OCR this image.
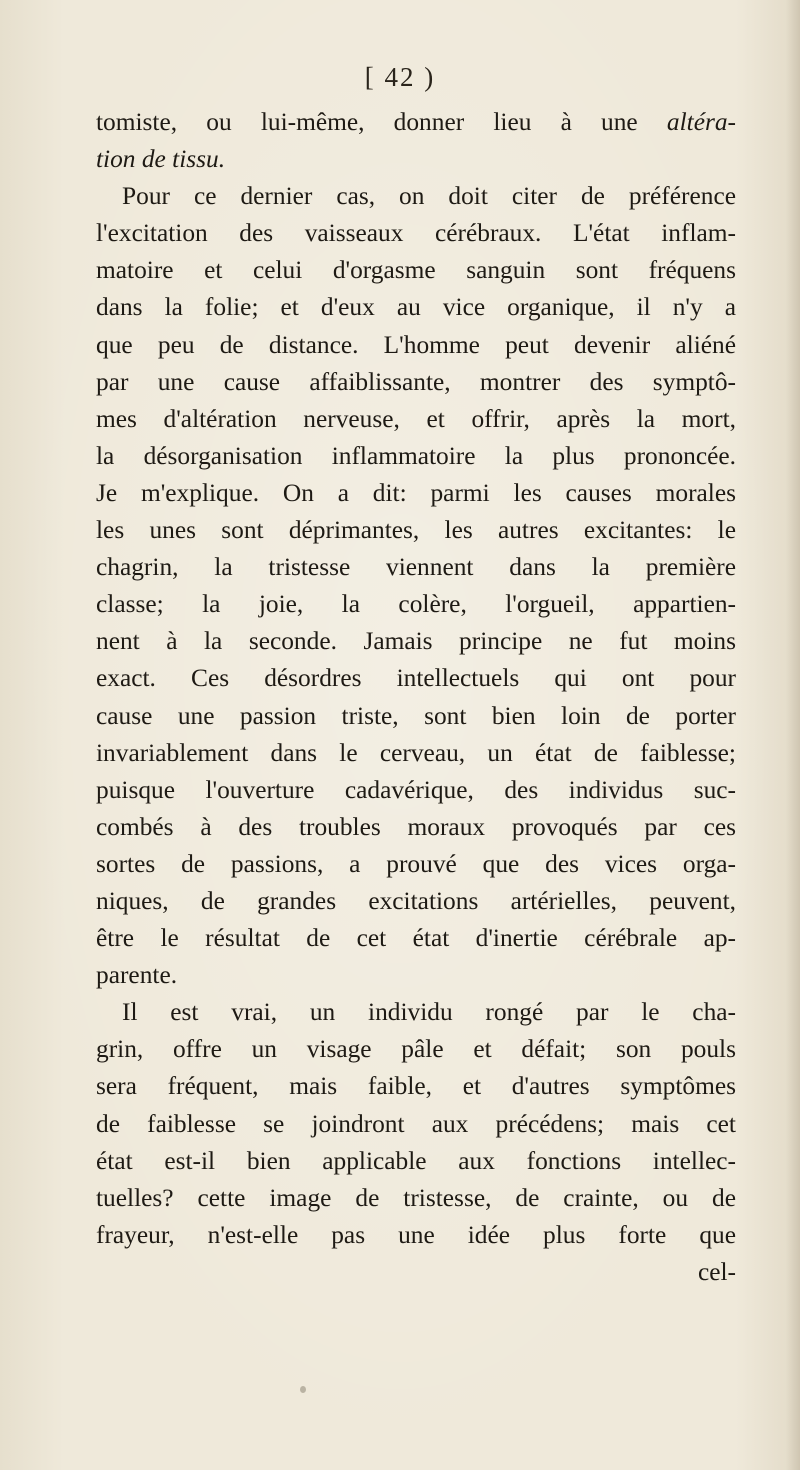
[ 42 )
tomiste, ou lui-même, donner lieu à une altéra-
tion de tissu.
Pour ce dernier cas, on doit citer de préférence
l'excitation des vaisseaux cérébraux. L'état inflam-
matoire et celui d'orgasme sanguin sont fréquens
dans la folie; et d'eux au vice organique, il n'y a
que peu de distance. L'homme peut devenir aliéné
par une cause affaiblissante, montrer des symptô-
mes d'altération nerveuse, et offrir, après la mort,
la désorganisation inflammatoire la plus prononcée.
Je m'explique. On a dit: parmi les causes morales
les unes sont déprimantes, les autres excitantes: le
chagrin, la tristesse viennent dans la première
classe; la joie, la colère, l'orgueil, appartien-
nent à la seconde. Jamais principe ne fut moins
exact. Ces désordres intellectuels qui ont pour
cause une passion triste, sont bien loin de porter
invariablement dans le cerveau, un état de faiblesse;
puisque l'ouverture cadavérique, des individus suc-
combés à des troubles moraux provoqués par ces
sortes de passions, a prouvé que des vices orga-
niques, de grandes excitations artérielles, peuvent,
être le résultat de cet état d'inertie cérébrale ap-
parente.
Il est vrai, un individu rongé par le cha-
grin, offre un visage pâle et défait; son pouls
sera fréquent, mais faible, et d'autres symptômes
de faiblesse se joindront aux précédens; mais cet
état est-il bien applicable aux fonctions intellec-
tuelles? cette image de tristesse, de crainte, ou de
frayeur, n'est-elle pas une idée plus forte que
cel-
